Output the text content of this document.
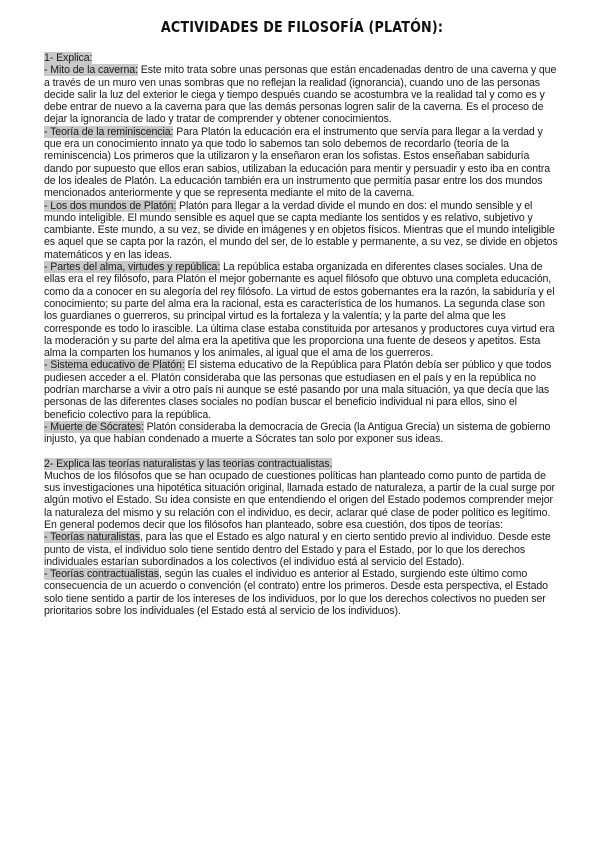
ACTIVIDADES DE FILOSOFÍA (PLATÓN):

1- Explica:

- Mito de la caverna: Este mito trata sobre unas personas que están encadenadas dentro de una caverna y que a través de un muro ven unas sombras que no reflejan la realidad (ignorancia), cuando uno de las personas decide salir la luz del exterior le ciega y tiempo después cuando se acostumbra ve la realidad tal y como es y debe entrar de nuevo a la caverna para que las demás personas logren salir de la caverna. Es el proceso de dejar la ignorancia de lado y tratar de comprender y obtener conocimientos.

- Teoría de la reminiscencia: Para Platón la educación era el instrumento que servía para llegar a la verdad y que era un conocimiento innato ya que todo lo sabemos tan solo debemos de recordarlo (teoría de la reminiscencia) Los primeros que la utilizaron y la enseñaron eran los sofistas. Estos enseñaban sabiduría dando por supuesto que ellos eran sabios, utilizaban la educación para mentir y persuadir y esto iba en contra de los ideales de Platón. La educación también era un instrumento que permitía pasar entre los dos mundos mencionados anteriormente y que se representa mediante el mito de la caverna.

- Los dos mundos de Platón: Platón para llegar a la verdad divide el mundo en dos: el mundo sensible y el mundo inteligible. El mundo sensible es aquel que se capta mediante los sentidos y es relativo, subjetivo y cambiante. Este mundo, a su vez, se divide en imágenes y en objetos físicos. Mientras que el mundo inteligible es aquel que se capta por la razón, el mundo del ser, de lo estable y permanente, a su vez, se divide en objetos matemáticos y en las ideas.

- Partes del alma, virtudes y república: La república estaba organizada en diferentes clases sociales. Una de ellas era el rey filósofo, para Platón el mejor gobernante es aquel filósofo que obtuvo una completa educación, como da a conocer en su alegoría del rey filósofo. La virtud de estos gobernantes era la razón, la sabiduría y el conocimiento; su parte del alma era la racional, esta es característica de los humanos. La segunda clase son los guardianes o guerreros, su principal virtud es la fortaleza y la valentía; y la parte del alma que les corresponde es todo lo irascible. La última clase estaba constituida por artesanos y productores cuya virtud era la moderación y su parte del alma era la apetitiva que les proporciona una fuente de deseos y apetitos. Esta alma la comparten los humanos y los animales, al igual que el ama de los guerreros.

- Sistema educativo de Platón: El sistema educativo de la República para Platón debía ser público y que todos pudiesen acceder a el. Platón consideraba que las personas que estudiasen en el país y en la república no podrían marcharse a vivir a otro país ni aunque se esté pasando por una mala situación, ya que decía que las personas de las diferentes clases sociales no podían buscar el beneficio individual ni para ellos, sino el beneficio colectivo para la república.

- Muerte de Sócrates: Platón consideraba la democracia de Grecia (la Antigua Grecia) un sistema de gobierno injusto, ya que habían condenado a muerte a Sócrates tan solo por exponer sus ideas.

2- Explica las teorías naturalistas y las teorías contractualistas.

Muchos de los filósofos que se han ocupado de cuestiones políticas han planteado como punto de partida de sus investigaciones una hipotética situación original, llamada estado de naturaleza, a partir de la cual surge por algún motivo el Estado. Su idea consiste en que entendiendo el origen del Estado podemos comprender mejor la naturaleza del mismo y su relación con el individuo, es decir, aclarar qué clase de poder político es legítimo. En general podemos decir que los filósofos han planteado, sobre esa cuestión, dos tipos de teorías:

- Teorías naturalistas, para las que el Estado es algo natural y en cierto sentido previo al individuo. Desde este punto de vista, el individuo solo tiene sentido dentro del Estado y para el Estado, por lo que los derechos individuales estarían subordinados a los colectivos (el individuo está al servicio del Estado).

- Teorías contractualistas, según las cuales el individuo es anterior al Estado, surgiendo este último como consecuencia de un acuerdo o convención (el contrato) entre los primeros. Desde esta perspectiva, el Estado solo tiene sentido a partir de los intereses de los individuos, por lo que los derechos colectivos no pueden ser prioritarios sobre los individuales (el Estado está al servicio de los individuos).
